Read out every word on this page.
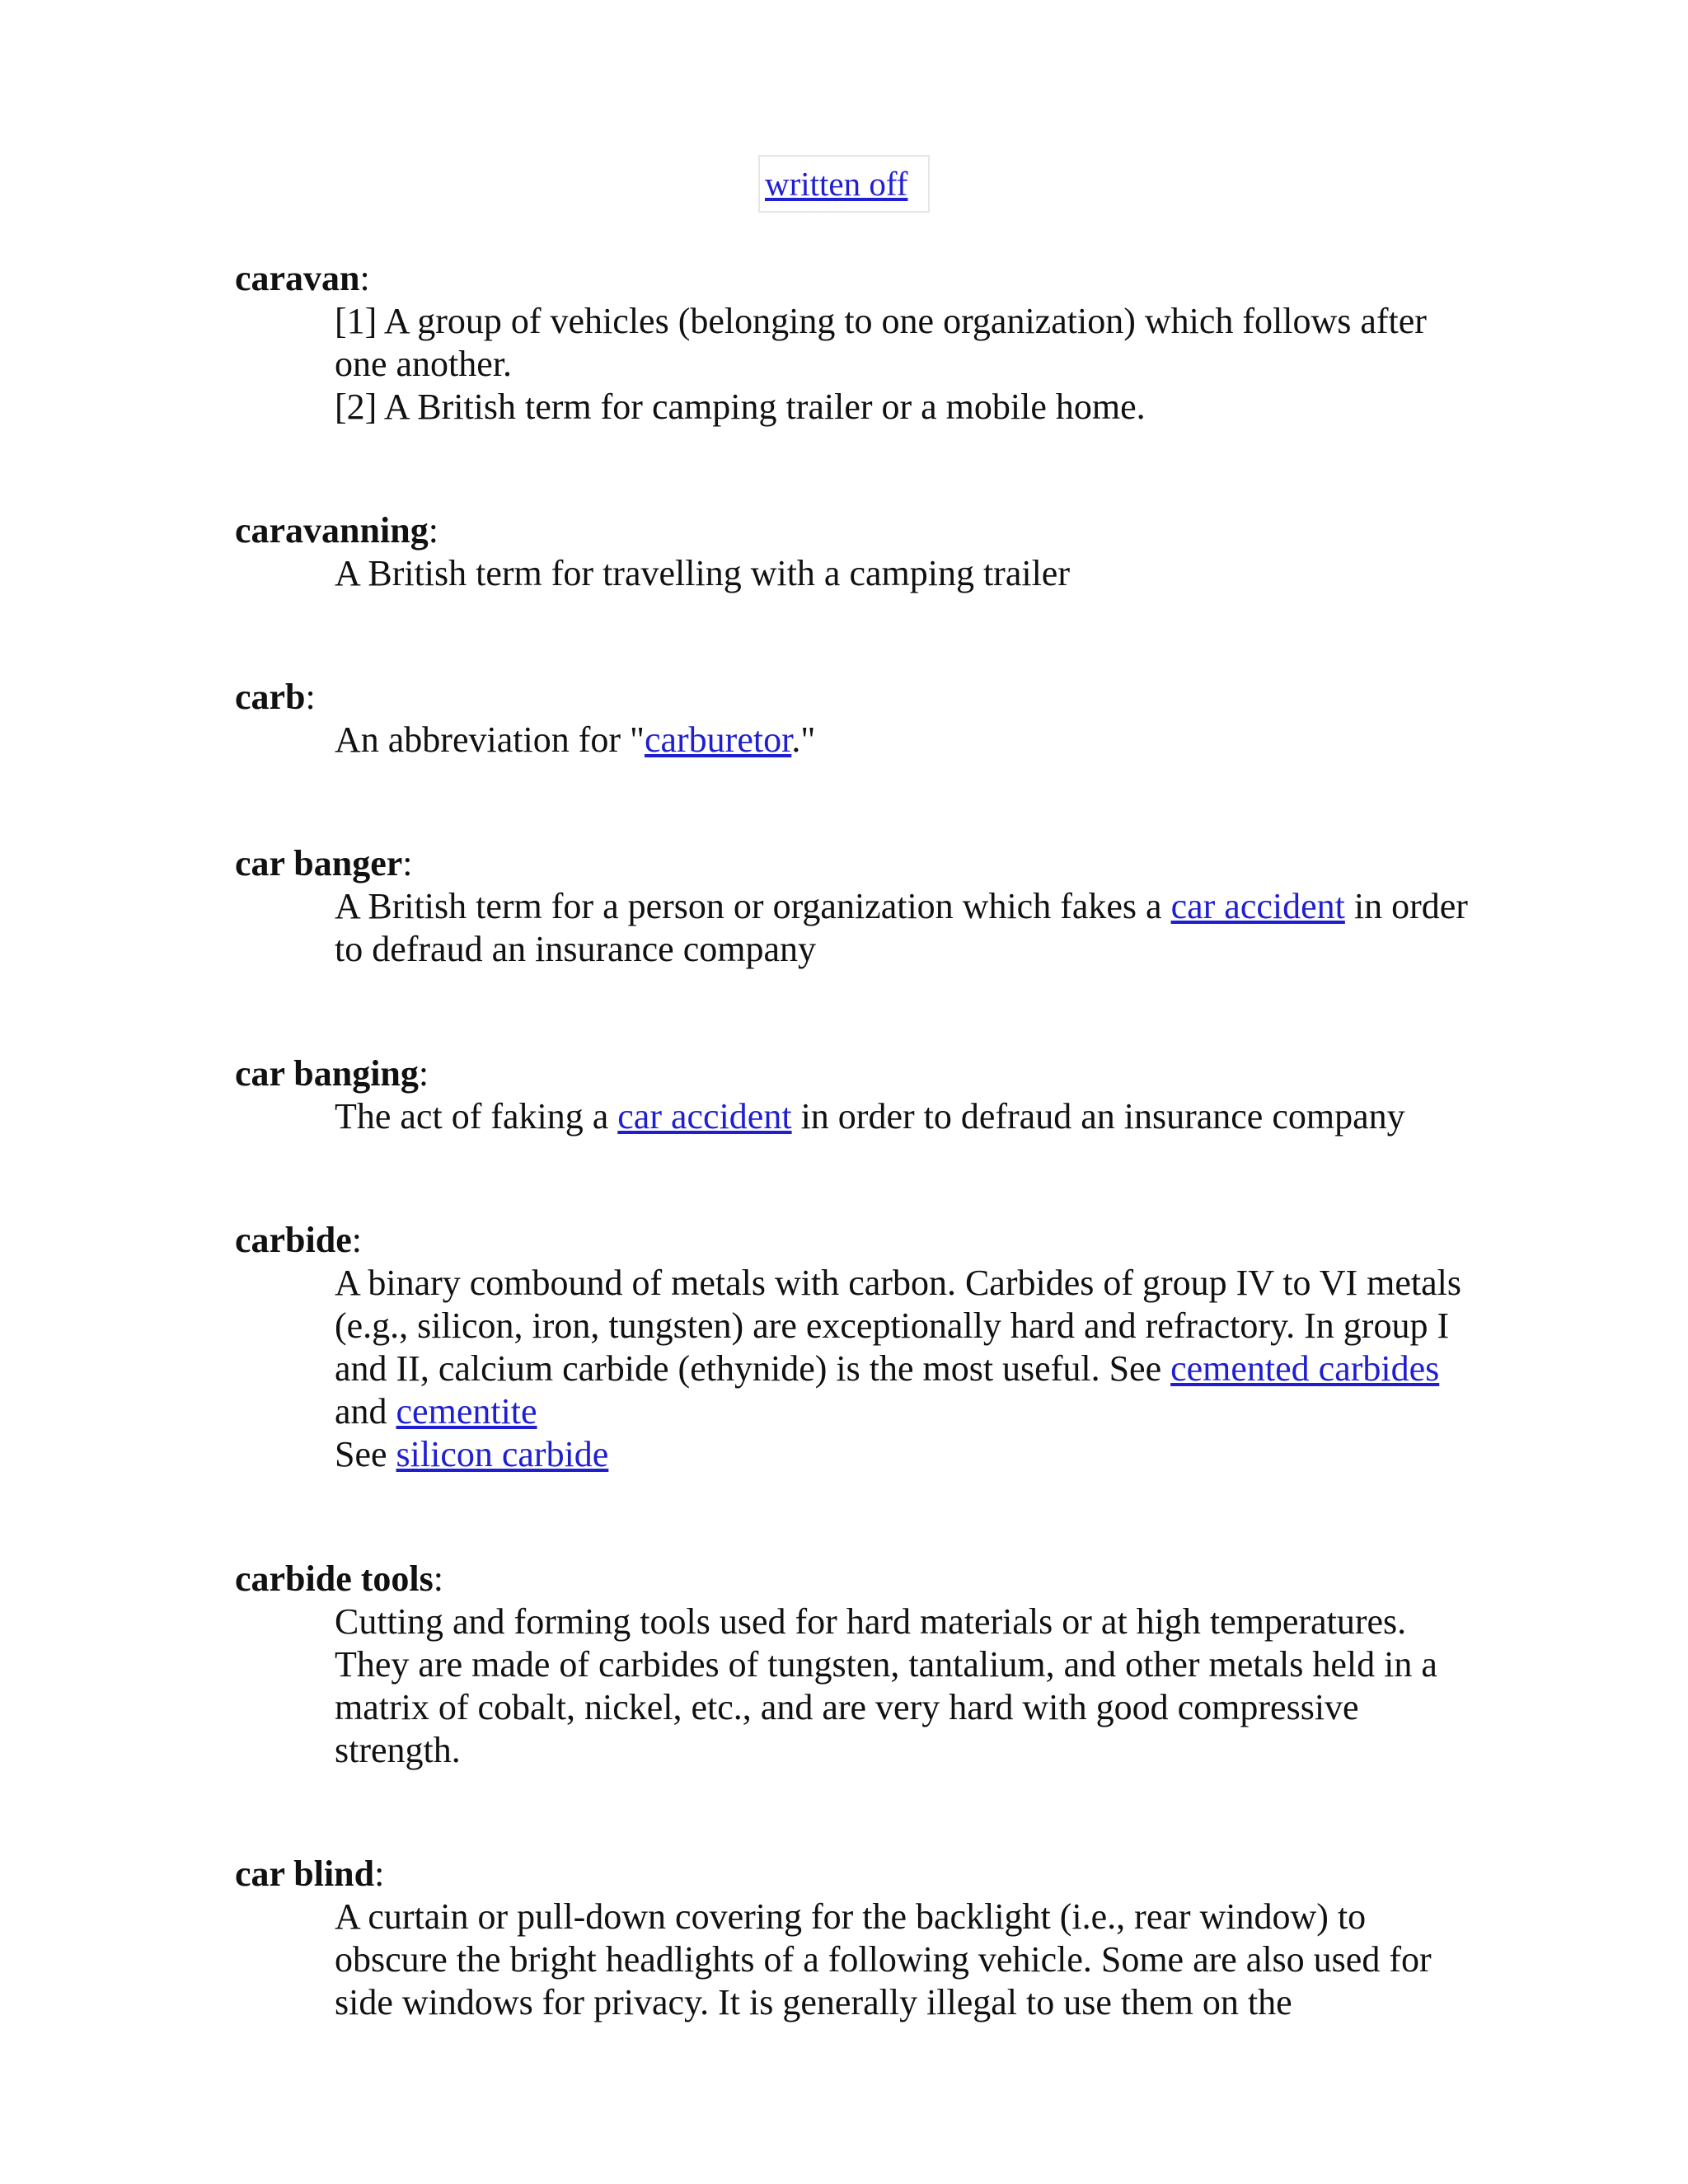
written off
caravan:

[1] A group of vehicles (belonging to one organization) which follows after one another.

[2] A British term for camping trailer or a mobile home.

caravanning:

A British term for travelling with a camping trailer

carb:

An abbreviation for "carburetor."

car banger:

A British term for a person or organization which fakes a car accident in order to defraud an insurance company

car banging:

The act of faking a car accident in order to defraud an insurance company

carbide:

A binary combound of metals with carbon. Carbides of group IV to VI metals (e.g., silicon, iron, tungsten) are exceptionally hard and refractory. In group I and II, calcium carbide (ethynide) is the most useful. See cemented carbides and cementite

See silicon carbide

carbide tools:

Cutting and forming tools used for hard materials or at high temperatures. They are made of carbides of tungsten, tantalium, and other metals held in a matrix of cobalt, nickel, etc., and are very hard with good compressive strength.

car blind:

A curtain or pull-down covering for the backlight (i.e., rear window) to obscure the bright headlights of a following vehicle. Some are also used for side windows for privacy. It is generally illegal to use them on the
